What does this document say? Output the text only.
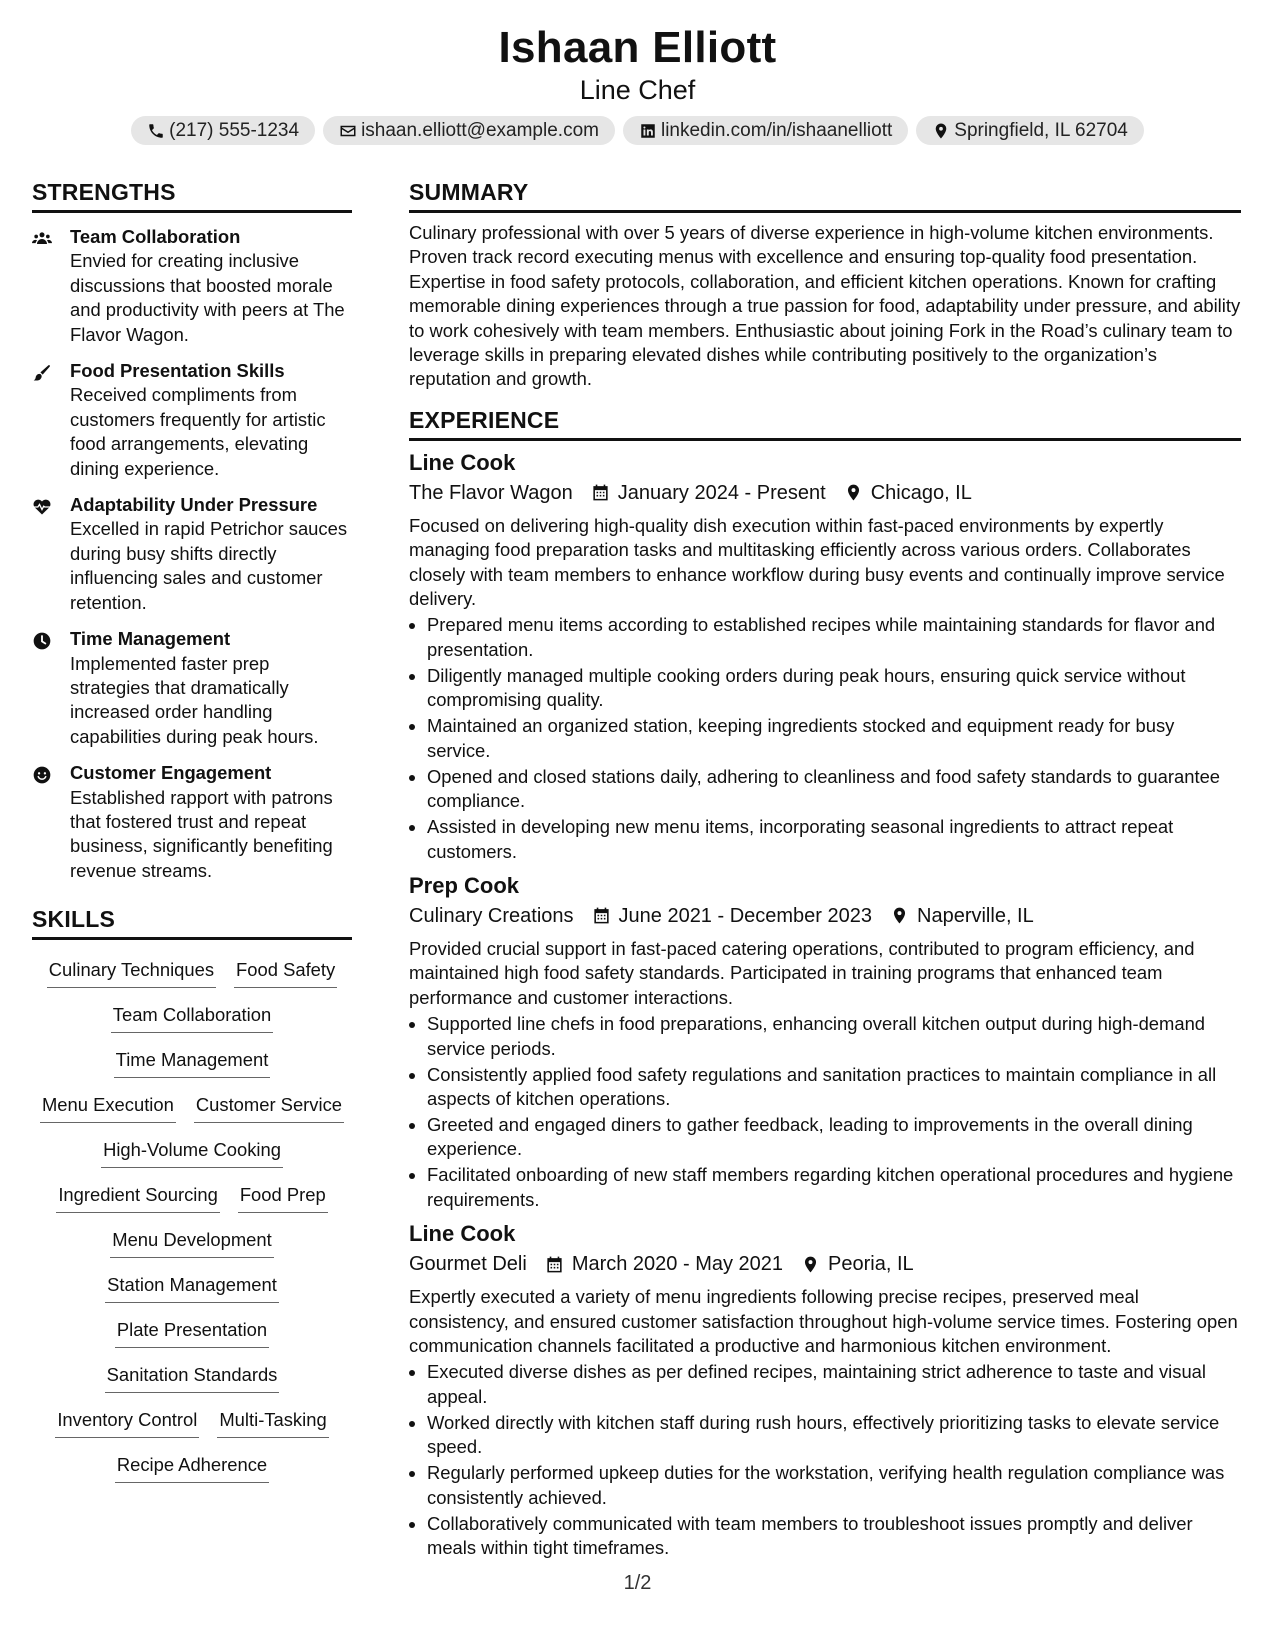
Ishaan Elliott
Line Chef
(217) 555-1234	ishaan.elliott@example.com	linkedin.com/in/ishaanelliott	Springfield, IL 62704
STRENGTHS
Team Collaboration
Envied for creating inclusive discussions that boosted morale and productivity with peers at The Flavor Wagon.
Food Presentation Skills
Received compliments from customers frequently for artistic food arrangements, elevating dining experience.
Adaptability Under Pressure
Excelled in rapid Petrichor sauces during busy shifts directly influencing sales and customer retention.
Time Management
Implemented faster prep strategies that dramatically increased order handling capabilities during peak hours.
Customer Engagement
Established rapport with patrons that fostered trust and repeat business, significantly benefiting revenue streams.
SKILLS
Culinary Techniques Food Safety
Team Collaboration
Time Management
Menu Execution Customer Service
High-Volume Cooking
Ingredient Sourcing Food Prep
Menu Development
Station Management
Plate Presentation
Sanitation Standards
Inventory Control Multi-Tasking
Recipe Adherence
SUMMARY
Culinary professional with over 5 years of diverse experience in high-volume kitchen environments. Proven track record executing menus with excellence and ensuring top-quality food presentation. Expertise in food safety protocols, collaboration, and efficient kitchen operations. Known for crafting memorable dining experiences through a true passion for food, adaptability under pressure, and ability to work cohesively with team members. Enthusiastic about joining Fork in the Road’s culinary team to leverage skills in preparing elevated dishes while contributing positively to the organization’s reputation and growth.
EXPERIENCE
Line Cook
The Flavor Wagon January 2024 - Present Chicago, IL
Focused on delivering high-quality dish execution within fast-paced environments by expertly managing food preparation tasks and multitasking efficiently across various orders. Collaborates closely with team members to enhance workflow during busy events and continually improve service delivery.
• Prepared menu items according to established recipes while maintaining standards for flavor and presentation.
• Diligently managed multiple cooking orders during peak hours, ensuring quick service without compromising quality.
• Maintained an organized station, keeping ingredients stocked and equipment ready for busy service.
• Opened and closed stations daily, adhering to cleanliness and food safety standards to guarantee compliance.
• Assisted in developing new menu items, incorporating seasonal ingredients to attract repeat customers.
Prep Cook
Culinary Creations June 2021 - December 2023 Naperville, IL
Provided crucial support in fast-paced catering operations, contributed to program efficiency, and maintained high food safety standards. Participated in training programs that enhanced team performance and customer interactions.
• Supported line chefs in food preparations, enhancing overall kitchen output during high-demand service periods.
• Consistently applied food safety regulations and sanitation practices to maintain compliance in all aspects of kitchen operations.
• Greeted and engaged diners to gather feedback, leading to improvements in the overall dining experience.
• Facilitated onboarding of new staff members regarding kitchen operational procedures and hygiene requirements.
Line Cook
Gourmet Deli March 2020 - May 2021 Peoria, IL
Expertly executed a variety of menu ingredients following precise recipes, preserved meal consistency, and ensured customer satisfaction throughout high-volume service times. Fostering open communication channels facilitated a productive and harmonious kitchen environment.
• Executed diverse dishes as per defined recipes, maintaining strict adherence to taste and visual appeal.
• Worked directly with kitchen staff during rush hours, effectively prioritizing tasks to elevate service speed.
• Regularly performed upkeep duties for the workstation, verifying health regulation compliance was consistently achieved.
• Collaboratively communicated with team members to troubleshoot issues promptly and deliver meals within tight timeframes.
1/2
